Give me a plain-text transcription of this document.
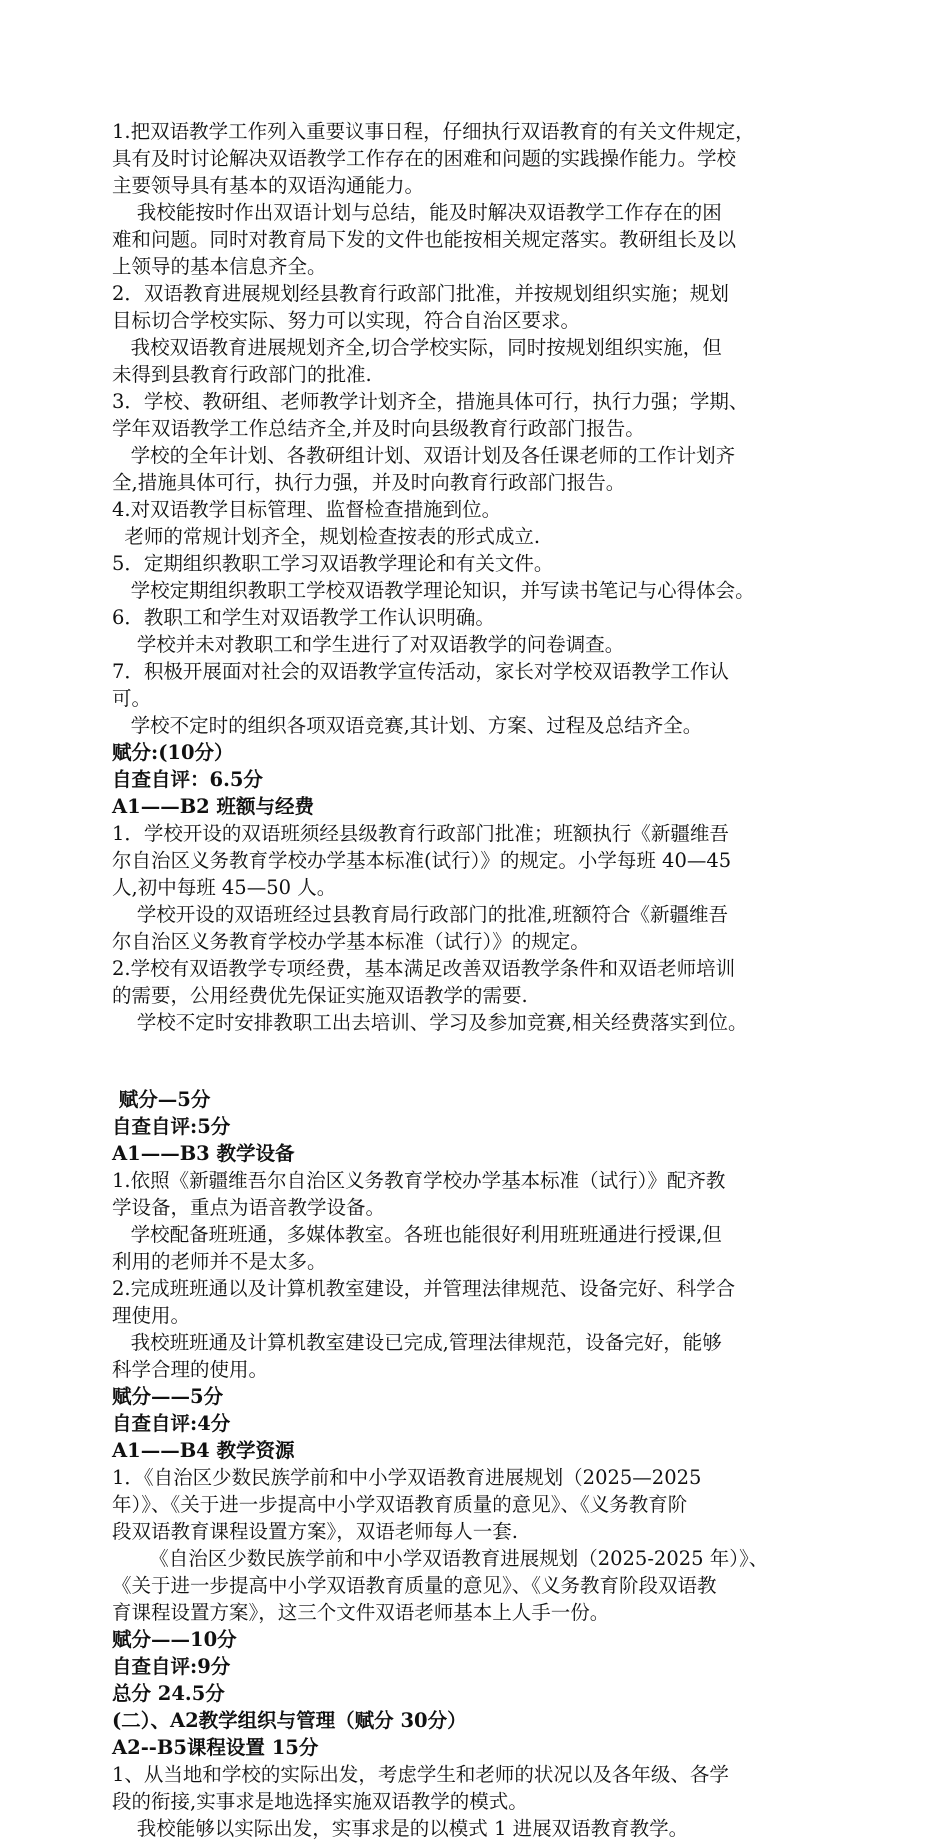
1.把双语教学工作列入重要议事日程，仔细执行双语教育的有关文件规定，

具有及时讨论解决双语教学工作存在的困难和问题的实践操作能力。学校

主要领导具有基本的双语沟通能力。

我校能按时作出双语计划与总结，能及时解决双语教学工作存在的困

难和问题。同时对教育局下发的文件也能按相关规定落实。教研组长及以

上领导的基本信息齐全。

2．双语教育进展规划经县教育行政部门批准，并按规划组织实施；规划

目标切合学校实际、努力可以实现，符合自治区要求。

我校双语教育进展规划齐全,切合学校实际，同时按规划组织实施，但

未得到县教育行政部门的批准.

3．学校、教研组、老师教学计划齐全，措施具体可行，执行力强；学期、

学年双语教学工作总结齐全,并及时向县级教育行政部门报告。

学校的全年计划、各教研组计划、双语计划及各任课老师的工作计划齐

全,措施具体可行，执行力强，并及时向教育行政部门报告。

4.对双语教学目标管理、监督检查措施到位。

老师的常规计划齐全，规划检查按表的形式成立.

5．定期组织教职工学习双语教学理论和有关文件。

学校定期组织教职工学校双语教学理论知识，并写读书笔记与心得体会。

6．教职工和学生对双语教学工作认识明确。

学校并未对教职工和学生进行了对双语教学的问卷调查。

7．积极开展面对社会的双语教学宣传活动，家长对学校双语教学工作认

可。

学校不定时的组织各项双语竞赛,其计划、方案、过程及总结齐全。

赋分:(10分）

自查自评：6.5分

A1——B2 班额与经费

1．学校开设的双语班须经县级教育行政部门批准；班额执行《新疆维吾

尔自治区义务教育学校办学基本标准(试行）》的规定。小学每班 40—45

人,初中每班 45—50 人。

学校开设的双语班经过县教育局行政部门的批准,班额符合《新疆维吾

尔自治区义务教育学校办学基本标准（试行）》的规定。

2.学校有双语教学专项经费，基本满足改善双语教学条件和双语老师培训

的需要，公用经费优先保证实施双语教学的需要.

学校不定时安排教职工出去培训、学习及参加竞赛,相关经费落实到位。

赋分—5分

自查自评:5分

A1——B3 教学设备

1.依照《新疆维吾尔自治区义务教育学校办学基本标准（试行）》配齐教

学设备，重点为语音教学设备。

学校配备班班通，多媒体教室。各班也能很好利用班班通进行授课,但

利用的老师并不是太多。

2.完成班班通以及计算机教室建设，并管理法律规范、设备完好、科学合

理使用。

我校班班通及计算机教室建设已完成,管理法律规范，设备完好，能够

科学合理的使用。

赋分——5分

自查自评:4分

A1——B4 教学资源

1．《自治区少数民族学前和中小学双语教育进展规划（2025—2025

年）》、《关于进一步提高中小学双语教育质量的意见》、《义务教育阶

段双语教育课程设置方案》，双语老师每人一套.

《自治区少数民族学前和中小学双语教育进展规划（2025-2025 年）》、

《关于进一步提高中小学双语教育质量的意见》、《义务教育阶段双语教

育课程设置方案》，这三个文件双语老师基本上人手一份。

赋分——10分

自查自评:9分

总分 24.5分

(二）、A2教学组织与管理（赋分 30分）

A2--B5课程设置 15分

1、从当地和学校的实际出发，考虑学生和老师的状况以及各年级、各学

段的衔接,实事求是地选择实施双语教学的模式。

我校能够以实际出发，实事求是的以模式 1 进展双语教育教学。
